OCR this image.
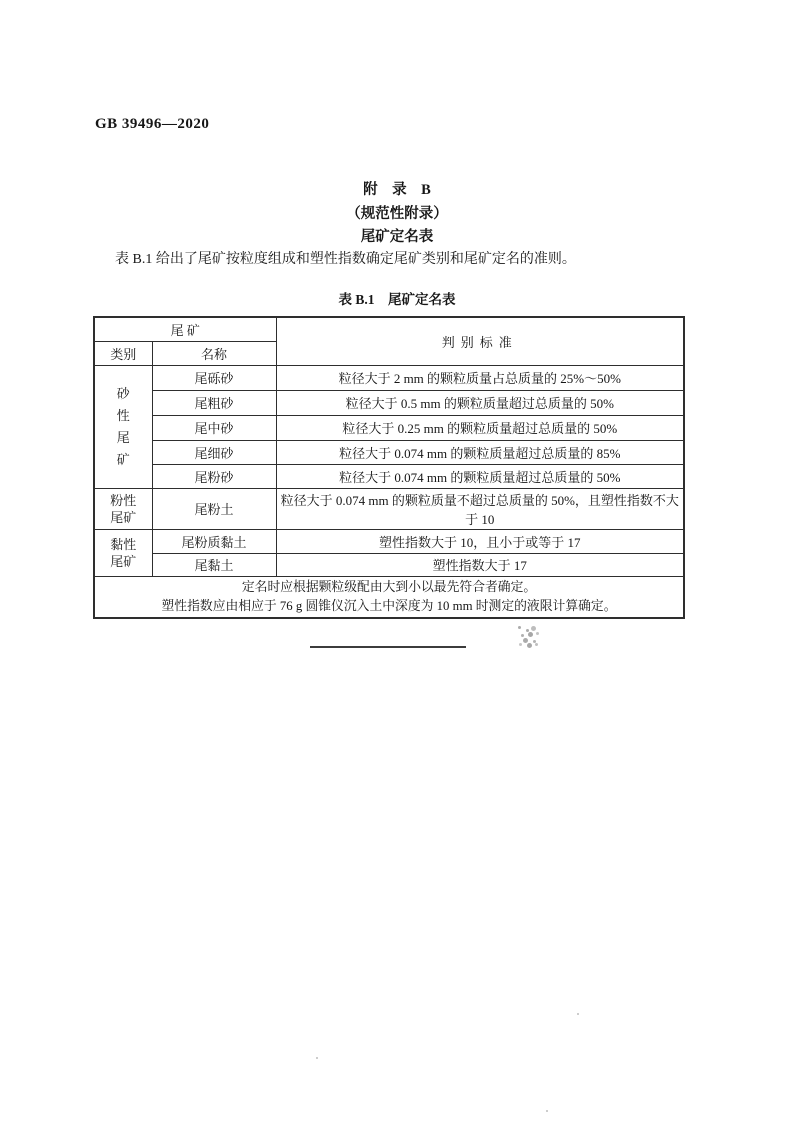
GB 39496—2020
附　录　B
（规范性附录）
尾矿定名表

表 B.1 给出了尾矿按粒度组成和塑性指数确定尾矿类别和尾矿定名的准则。

表 B.1　尾矿定名表
尾 矿		判别标准
类别	名称	

砂
性
尾
矿	尾砾砂	粒径大于 2 mm 的颗粒质量占总质量的 25%～50%
	尾粗砂	粒径大于 0.5 mm 的颗粒质量超过总质量的 50%
	尾中砂	粒径大于 0.25 mm 的颗粒质量超过总质量的 50%
	尾细砂	粒径大于 0.074 mm 的颗粒质量超过总质量的 85%
	尾粉砂	粒径大于 0.074 mm 的颗粒质量超过总质量的 50%

粉性
尾矿	尾粉土	粒径大于 0.074 mm 的颗粒质量不超过总质量的 50%，且塑性指数不大于 10

黏性
尾矿	尾粉质黏土	塑性指数大于 10，且小于或等于 17
	尾黏土	塑性指数大于 17

定名时应根据颗粒级配由大到小以最先符合者确定。
塑性指数应由相应于 76 g 圆锥仪沉入土中深度为 10 mm 时测定的液限计算确定。		
